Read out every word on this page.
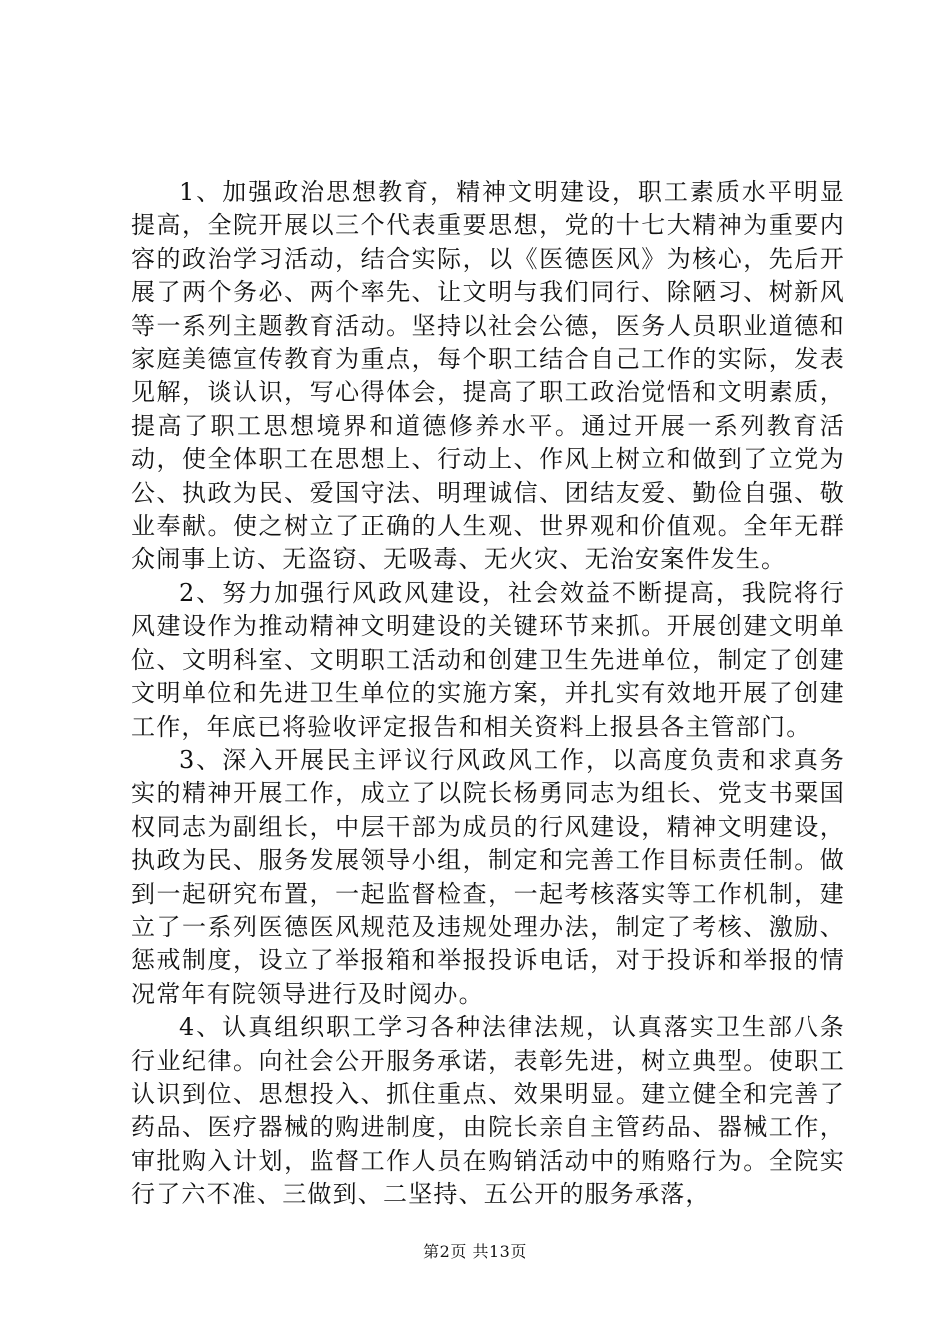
1、加强政治思想教育，精神文明建设，职工素质水平明显提高，全院开展以三个代表重要思想，党的十七大精神为重要内容的政治学习活动，结合实际，以《医德医风》为核心，先后开展了两个务必、两个率先、让文明与我们同行、除陋习、树新风等一系列主题教育活动。坚持以社会公德，医务人员职业道德和家庭美德宣传教育为重点，每个职工结合自己工作的实际，发表见解，谈认识，写心得体会，提高了职工政治觉悟和文明素质，提高了职工思想境界和道德修养水平。通过开展一系列教育活动，使全体职工在思想上、行动上、作风上树立和做到了立党为公、执政为民、爱国守法、明理诚信、团结友爱、勤俭自强、敬业奉献。使之树立了正确的人生观、世界观和价值观。全年无群众闹事上访、无盗窃、无吸毒、无火灾、无治安案件发生。

2、努力加强行风政风建设，社会效益不断提高，我院将行风建设作为推动精神文明建设的关键环节来抓。开展创建文明单位、文明科室、文明职工活动和创建卫生先进单位，制定了创建文明单位和先进卫生单位的实施方案，并扎实有效地开展了创建工作，年底已将验收评定报告和相关资料上报县各主管部门。

3、深入开展民主评议行风政风工作，以高度负责和求真务实的精神开展工作，成立了以院长杨勇同志为组长、党支书粟国权同志为副组长，中层干部为成员的行风建设，精神文明建设，执政为民、服务发展领导小组，制定和完善工作目标责任制。做到一起研究布置，一起监督检查，一起考核落实等工作机制，建立了一系列医德医风规范及违规处理办法，制定了考核、激励、惩戒制度，设立了举报箱和举报投诉电话，对于投诉和举报的情况常年有院领导进行及时阅办。

4、认真组织职工学习各种法律法规，认真落实卫生部八条行业纪律。向社会公开服务承诺，表彰先进，树立典型。使职工认识到位、思想投入、抓住重点、效果明显。建立健全和完善了药品、医疗器械的购进制度，由院长亲自主管药品、器械工作，审批购入计划，监督工作人员在购销活动中的贿赂行为。全院实行了六不准、三做到、二坚持、五公开的服务承落，

第2页 共13页
